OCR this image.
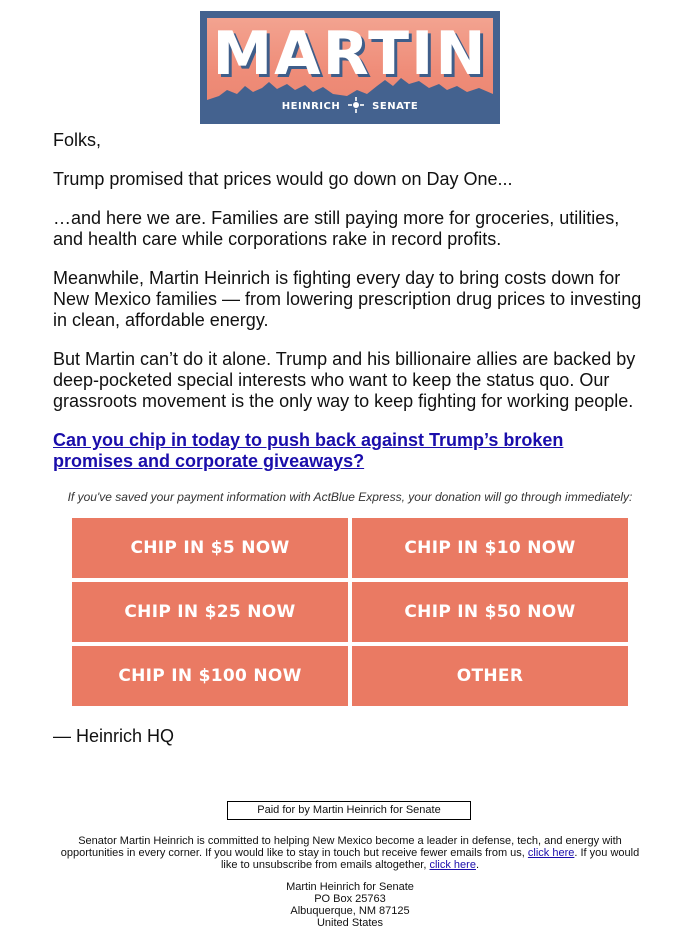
MARTIN
HEINRICH	SENATE

Folks,

Trump promised that prices would go down on Day One...

…and here we are. Families are still paying more for groceries, utilities, and health care while corporations rake in record profits.

Meanwhile, Martin Heinrich is fighting every day to bring costs down for New Mexico families — from lowering prescription drug prices to investing in clean, affordable energy.

But Martin can’t do it alone. Trump and his billionaire allies are backed by deep-pocketed special interests who want to keep the status quo. Our grassroots movement is the only way to keep fighting for working people.

Can you chip in today to push back against Trump’s broken promises and corporate giveaways?
If you've saved your payment information with ActBlue Express, your donation will go through immediately:
CHIP IN $5 NOW	CHIP IN $10 NOW
CHIP IN $25 NOW	CHIP IN $50 NOW
CHIP IN $100 NOW	OTHER

— Heinrich HQ

Paid for by Martin Heinrich for Senate
Senator Martin Heinrich is committed to helping New Mexico become a leader in defense, tech, and energy with opportunities in every corner. If you would like to stay in touch but receive fewer emails from us, click here. If you would like to unsubscribe from emails altogether, click here.
Martin Heinrich for Senate
PO Box 25763
Albuquerque, NM 87125
United States
